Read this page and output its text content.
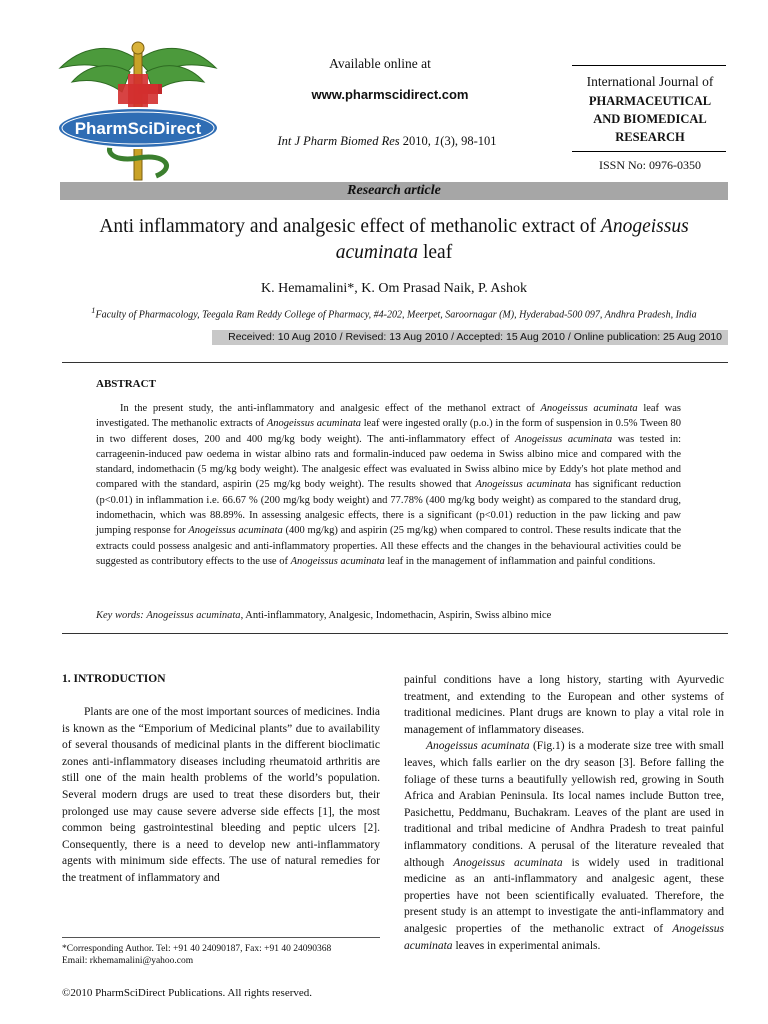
PharmSciDirect
Available online at
www.pharmscidirect.com
Int J Pharm Biomed Res 2010, 1(3), 98-101
International Journal of
PHARMACEUTICAL
AND BIOMEDICAL
RESEARCH
ISSN No: 0976-0350
Research article
Anti inflammatory and analgesic effect of methanolic extract of Anogeissus acuminata leaf
K. Hemamalini*, K. Om Prasad Naik, P. Ashok
$^1$Faculty of Pharmacology, Teegala Ram Reddy College of Pharmacy, #4-202, Meerpet, Saroornagar (M), Hyderabad-500 097, Andhra Pradesh, India
Received: 10 Aug 2010 / Revised: 13 Aug 2010 / Accepted: 15 Aug 2010 / Online publication: 25 Aug 2010
ABSTRACT
In the present study, the anti-inflammatory and analgesic effect of the methanol extract of Anogeissus acuminata leaf was investigated. The methanolic extracts of Anogeissus acuminata leaf were ingested orally (p.o.) in the form of suspension in 0.5% Tween 80 in two different doses, 200 and 400 mg/kg body weight). The anti-inflammatory effect of Anogeissus acuminata was tested in: carrageenin-induced paw oedema in wistar albino rats and formalin-induced paw oedema in Swiss albino mice and compared with the standard, indomethacin (5 mg/kg body weight). The analgesic effect was evaluated in Swiss albino mice by Eddy's hot plate method and compared with the standard, aspirin (25 mg/kg body weight). The results showed that Anogeissus acuminata has significant reduction (p<0.01) in inflammation i.e. 66.67 % (200 mg/kg body weight) and 77.78% (400 mg/kg body weight) as compared to the standard drug, indomethacin, which was 88.89%. In assessing analgesic effects, there is a significant (p<0.01) reduction in the paw licking and paw jumping response for Anogeissus acuminata (400 mg/kg) and aspirin (25 mg/kg) when compared to control. These results indicate that the extracts could possess analgesic and anti-inflammatory properties. All these effects and the changes in the behavioural activities could be suggested as contributory effects to the use of Anogeissus acuminata leaf in the management of inflammation and painful conditions.
Key words: Anogeissus acuminata, Anti-inflammatory, Analgesic, Indomethacin, Aspirin, Swiss albino mice
1. INTRODUCTION

Plants are one of the most important sources of medicines. India is known as the “Emporium of Medicinal plants” due to availability of several thousands of medicinal plants in the different bioclimatic zones anti-inflammatory diseases including rheumatoid arthritis are still one of the main health problems of the world’s population. Several modern drugs are used to treat these disorders but, their prolonged use may cause severe adverse side effects [1], the most common being gastrointestinal bleeding and peptic ulcers [2]. Consequently, there is a need to develop new anti-inflammatory agents with minimum side effects. The use of natural remedies for the treatment of inflammatory and

painful conditions have a long history, starting with Ayurvedic treatment, and extending to the European and other systems of traditional medicines. Plant drugs are known to play a vital role in management of inflammatory diseases.

Anogeissus acuminata (Fig.1) is a moderate size tree with small leaves, which falls earlier on the dry season [3]. Before falling the foliage of these turns a beautifully yellowish red, growing in South Africa and Arabian Peninsula. Its local names include Button tree, Pasichettu, Peddmanu, Buchakram. Leaves of the plant are used in traditional and tribal medicine of Andhra Pradesh to treat painful inflammatory conditions. A perusal of the literature revealed that although Anogeissus acuminata is widely used in traditional medicine as an anti-inflammatory and analgesic agent, these properties have not been scientifically evaluated. Therefore, the present study is an attempt to investigate the anti-inflammatory and analgesic properties of the methanolic extract of Anogeissus acuminata leaves in experimental animals.

*Corresponding Author. Tel: +91 40 24090187, Fax: +91 40 24090368
Email: rkhemamalini@yahoo.com
©2010 PharmSciDirect Publications. All rights reserved.
